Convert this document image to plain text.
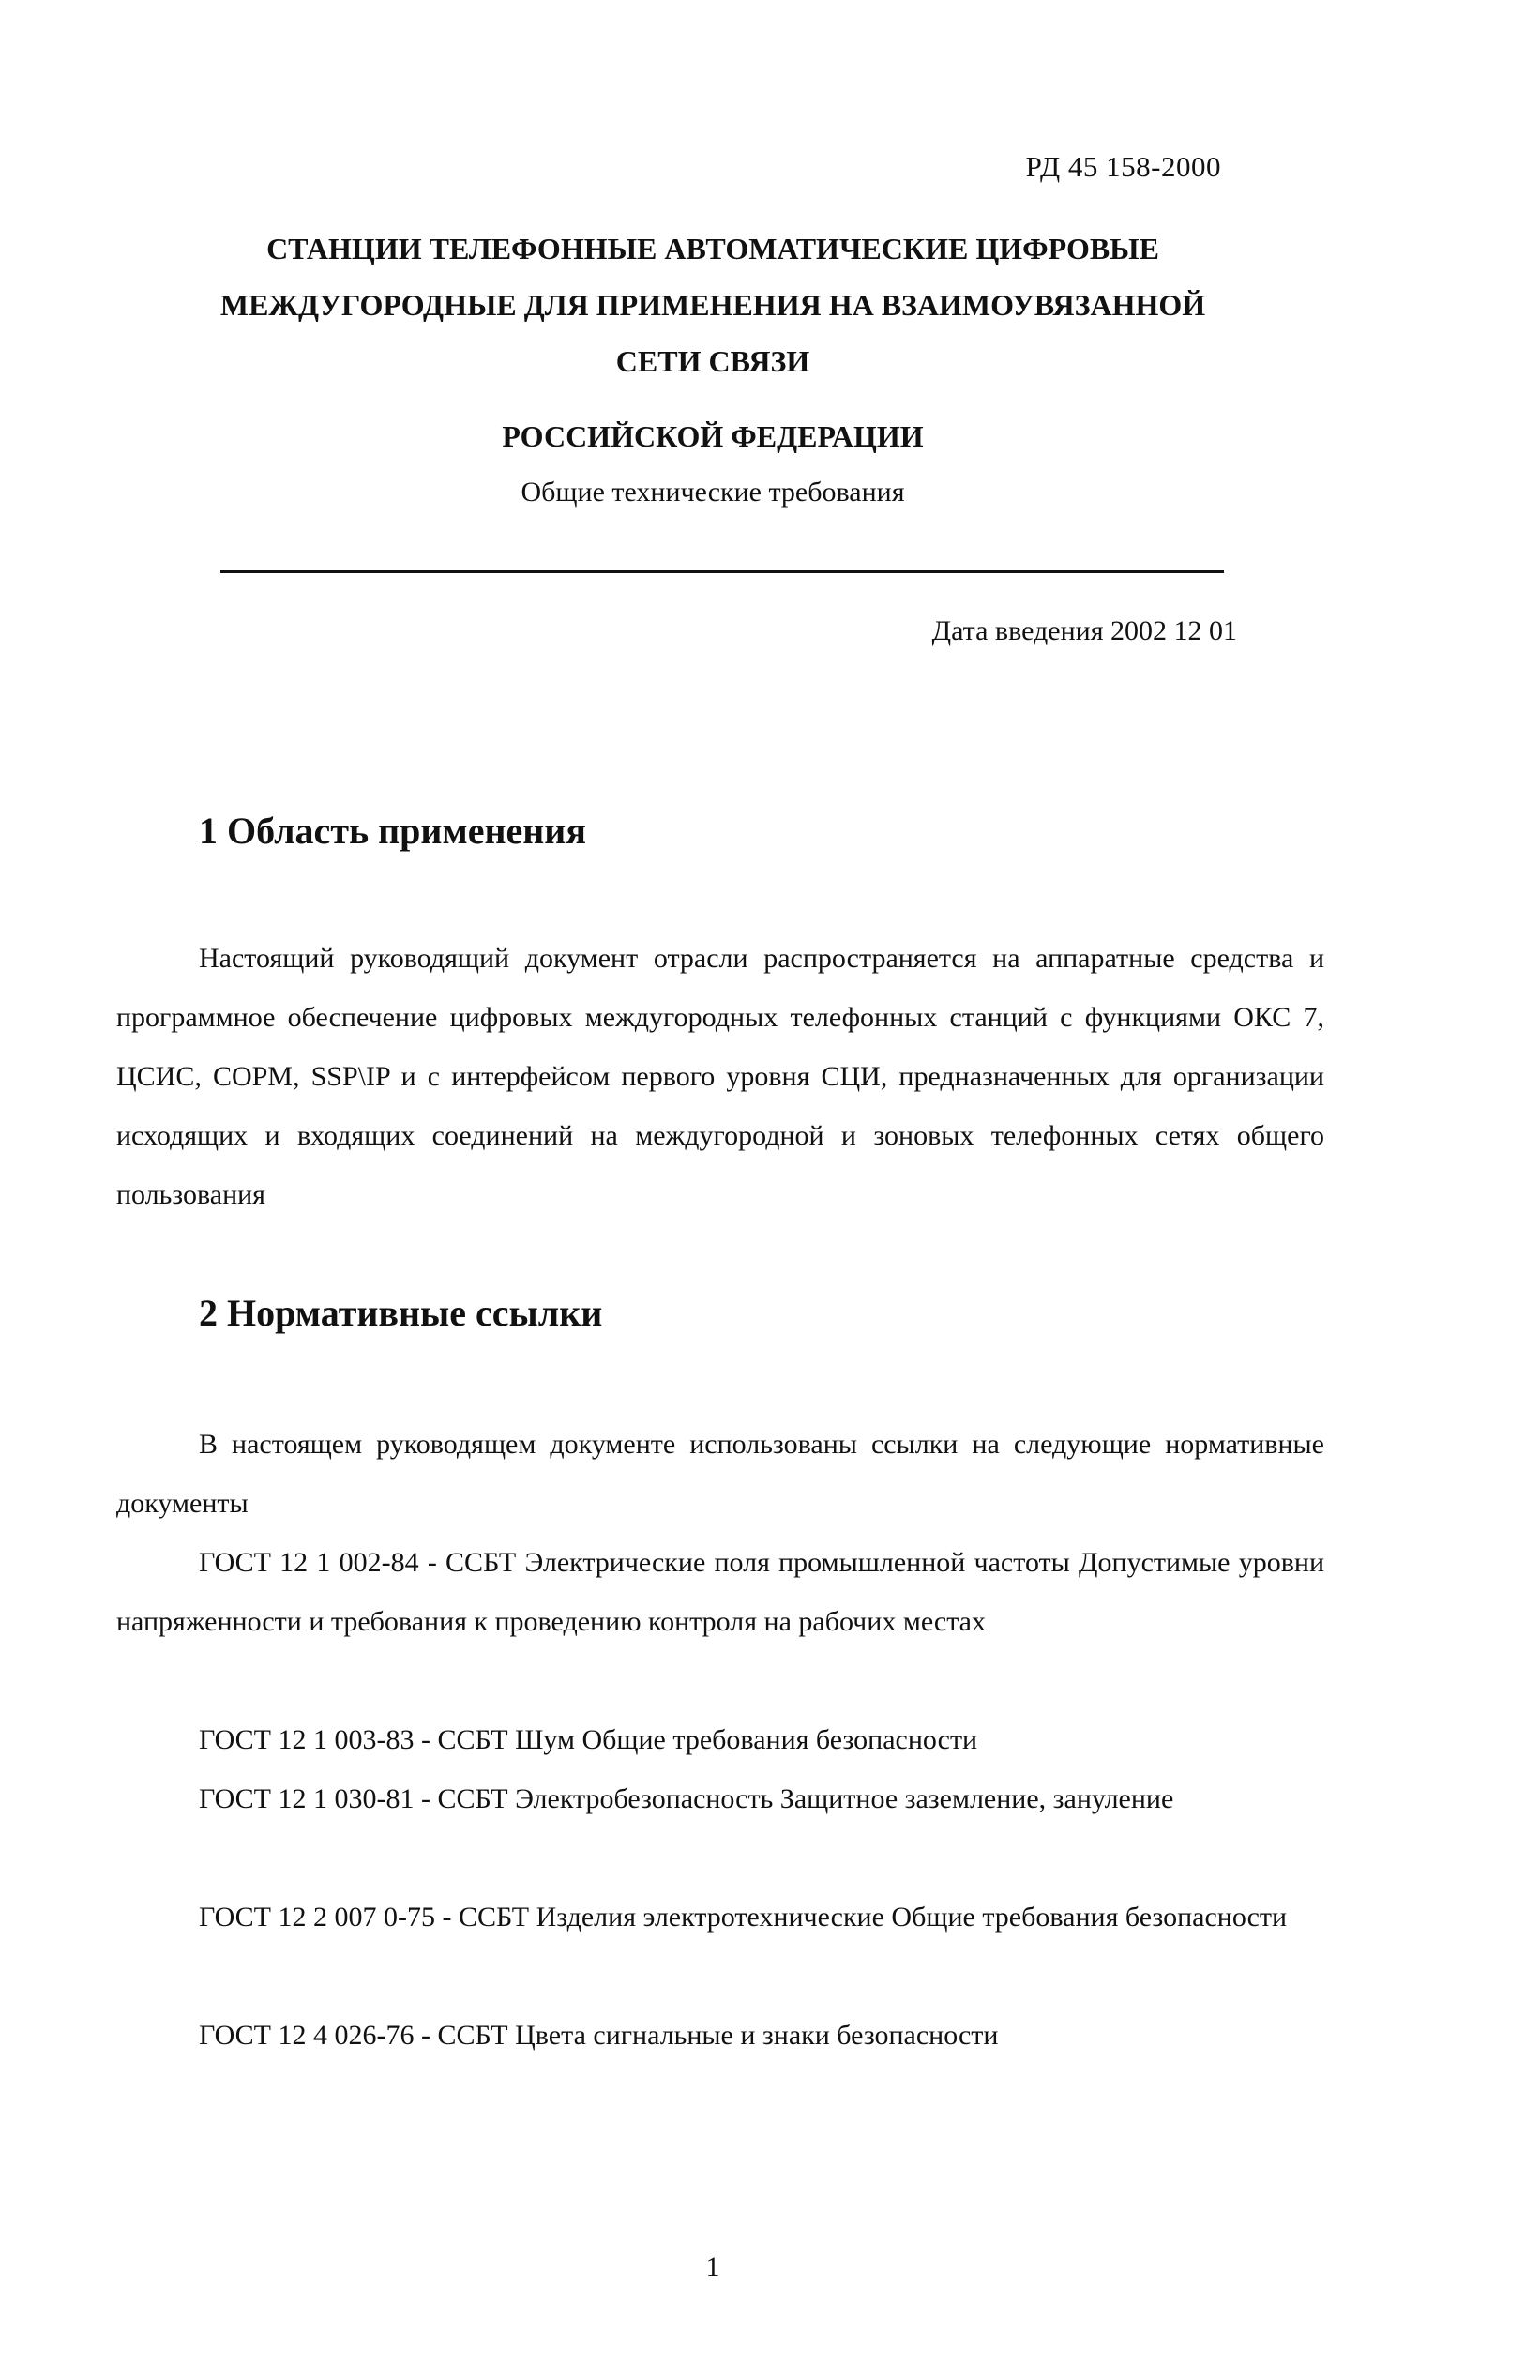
РД 45 158-2000
СТАНЦИИ ТЕЛЕФОННЫЕ АВТОМАТИЧЕСКИЕ ЦИФРОВЫЕ
МЕЖДУГОРОДНЫЕ ДЛЯ ПРИМЕНЕНИЯ НА ВЗАИМОУВЯЗАННОЙ
СЕТИ СВЯЗИ
РОССИЙСКОЙ ФЕДЕРАЦИИ
Общие технические требования
Дата введения 2002 12 01
1 Область применения
Настоящий руководящий документ отрасли распространяется на аппаратные средства и программное обеспечение цифровых междугородных телефонных станций с функциями ОКС 7, ЦСИС, СОРМ, SSP\IP и с интерфейсом первого уровня СЦИ, предназначенных для организации исходящих и входящих соединений на междугородной и зоновых телефонных сетях общего пользования
2 Нормативные ссылки
В настоящем руководящем документе использованы ссылки на следующие нормативные документы
ГОСТ 12 1 002-84 - ССБТ Электрические поля промышленной частоты Допустимые уровни напряженности и требования к проведению контроля на рабочих местах
ГОСТ 12 1 003-83 - ССБТ Шум Общие требования безопасности
ГОСТ 12 1 030-81 - ССБТ Электробезопасность Защитное заземление, зануление
ГОСТ 12 2 007 0-75 - ССБТ Изделия электротехнические Общие требования безопасности
ГОСТ 12 4 026-76 - ССБТ Цвета сигнальные и знаки безопасности
1
